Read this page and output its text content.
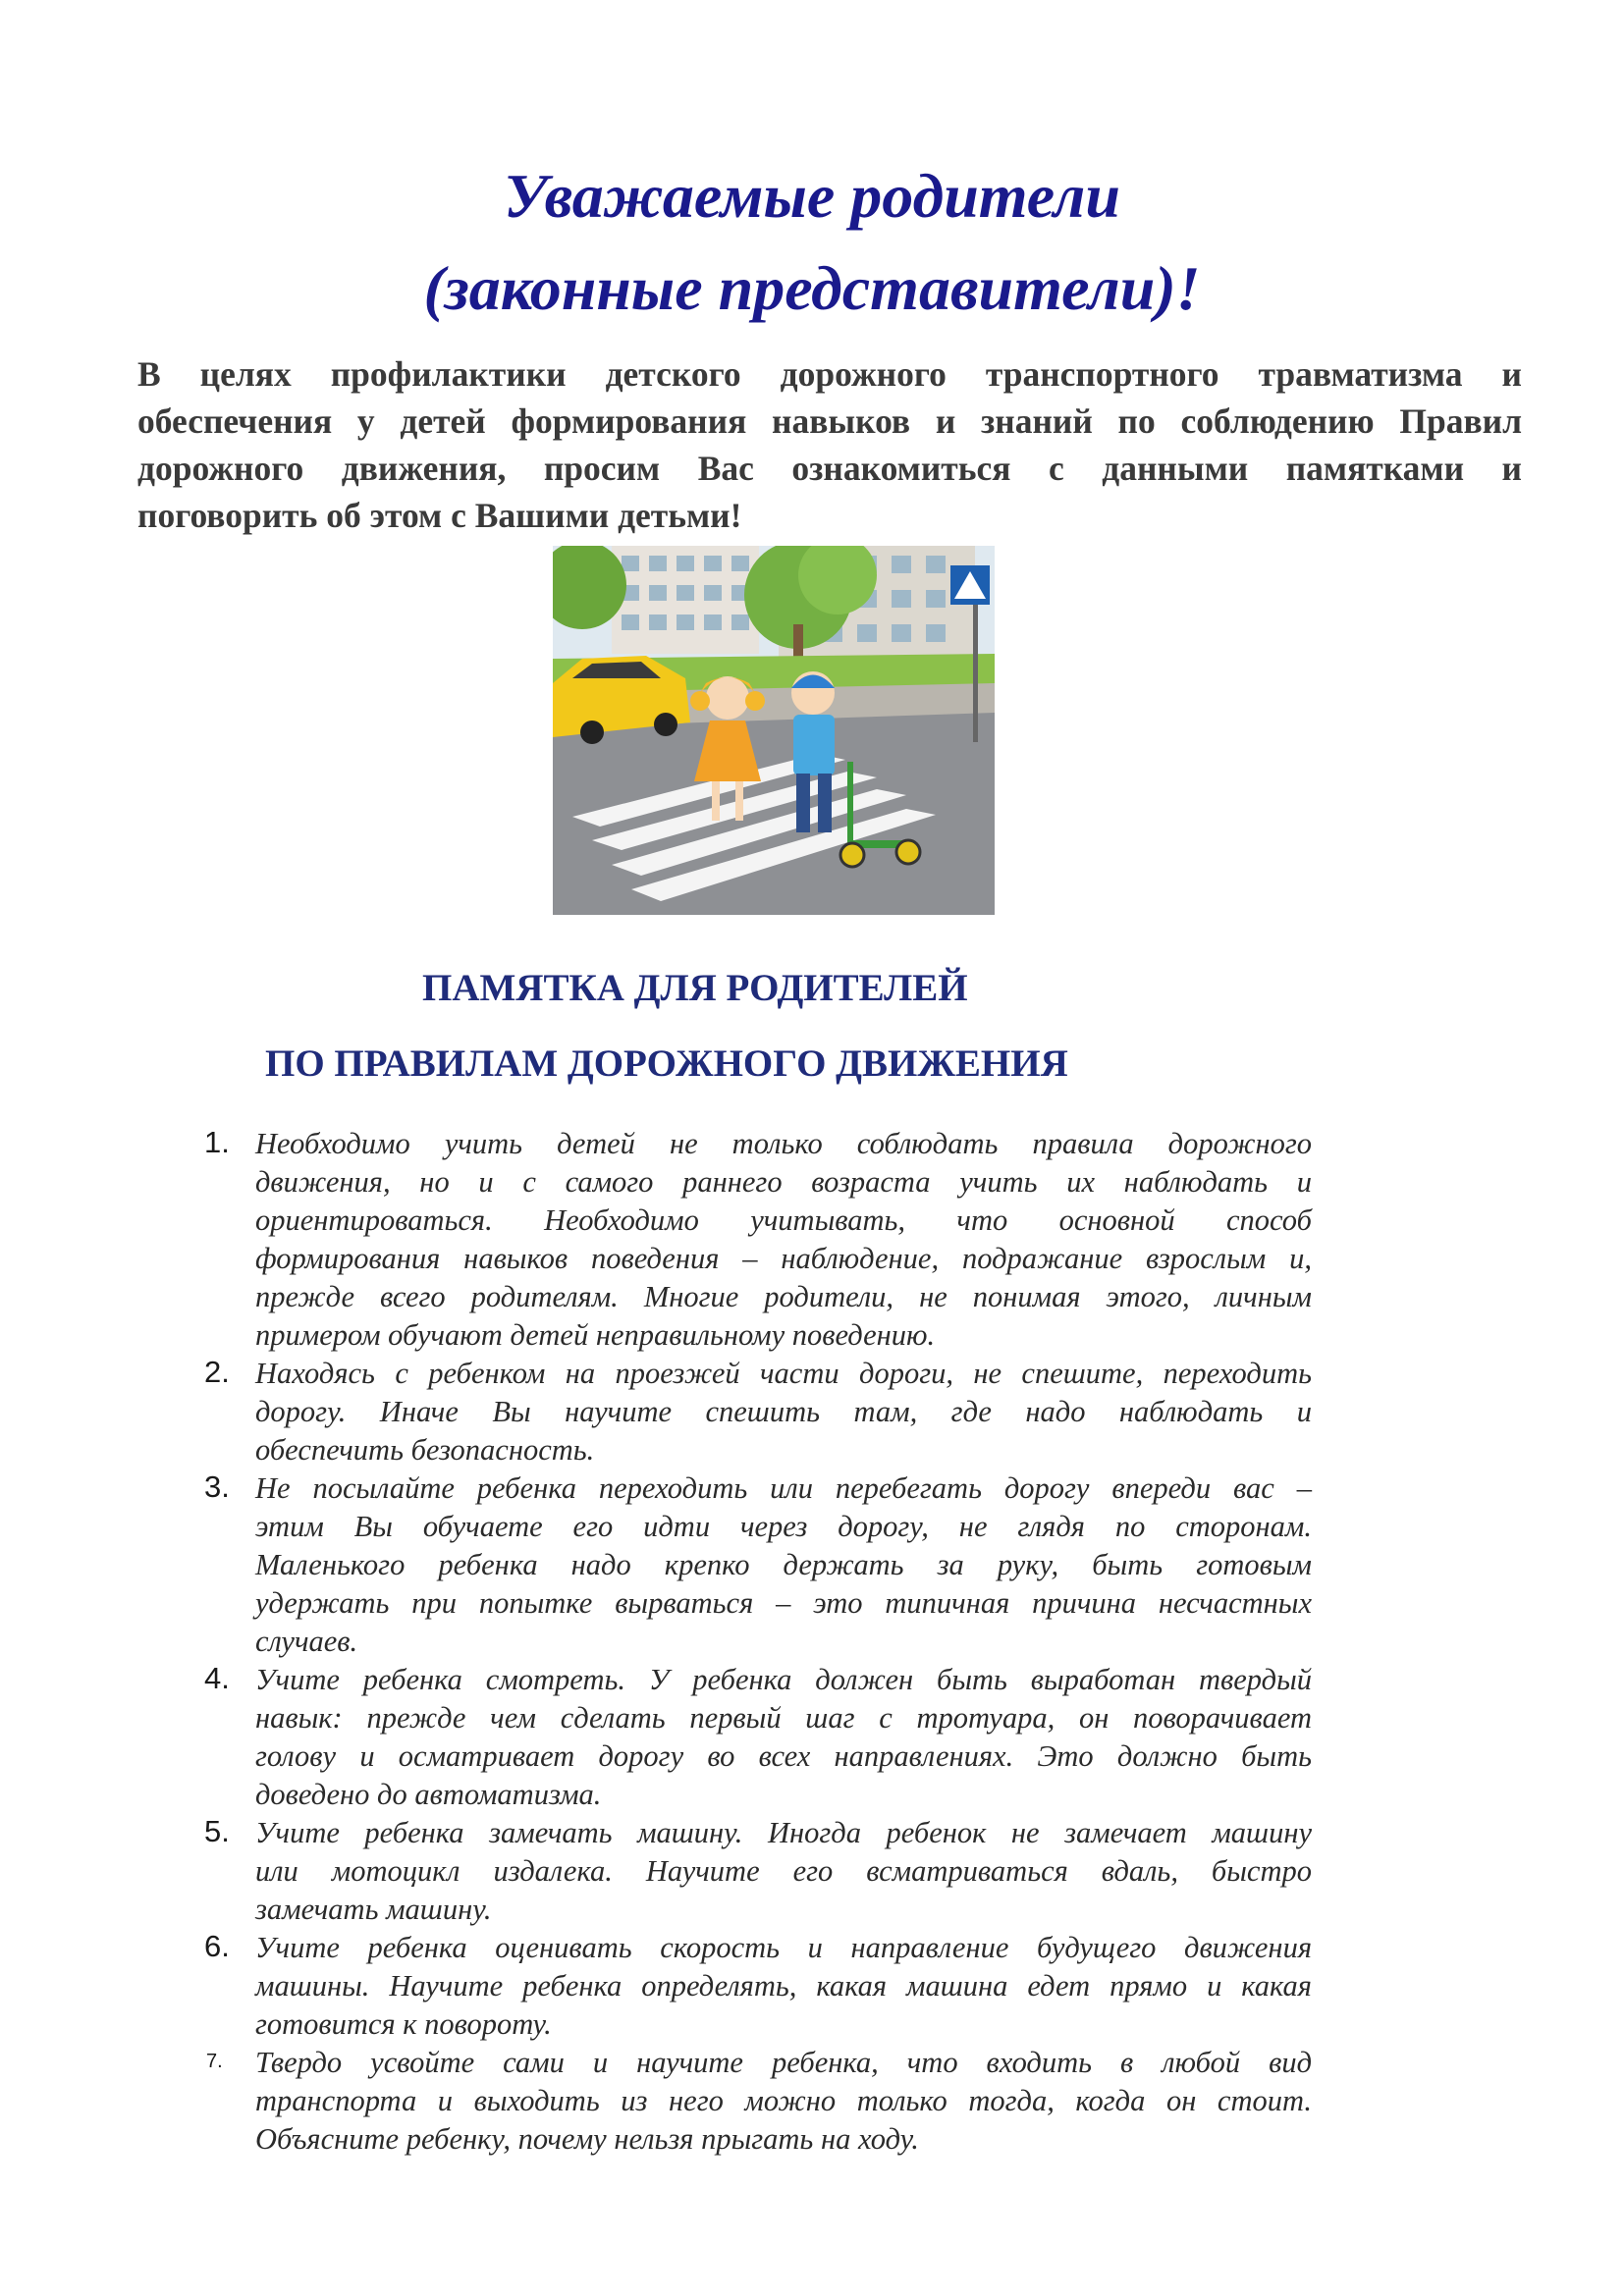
Уважаемые родители
(законные представители)!
В целях профилактики детского дорожного транспортного травматизма и
обеспечения у детей формирования навыков и знаний по соблюдению Правил
дорожного движения, просим Вас ознакомиться с данными памятками и
поговорить об этом с Вашими детьми!
ПАМЯТКА ДЛЯ РОДИТЕЛЕЙ
ПО ПРАВИЛАМ ДОРОЖНОГО ДВИЖЕНИЯ
1. Необходимо учить детей не только соблюдать правила дорожного
движения, но и с самого раннего возраста учить их наблюдать и
ориентироваться. Необходимо учитывать, что основной способ
формирования навыков поведения – наблюдение, подражание взрослым и,
прежде всего родителям. Многие родители, не понимая этого, личным
примером обучают детей неправильному поведению.
2. Находясь с ребенком на проезжей части дороги, не спешите, переходить
дорогу. Иначе Вы научите спешить там, где надо наблюдать и
обеспечить безопасность.
3. Не посылайте ребенка переходить или перебегать дорогу впереди вас –
этим Вы обучаете его идти через дорогу, не глядя по сторонам.
Маленького ребенка надо крепко держать за руку, быть готовым
удержать при попытке вырваться – это типичная причина несчастных
случаев.
4. Учите ребенка смотреть. У ребенка должен быть выработан твердый
навык: прежде чем сделать первый шаг с тротуара, он поворачивает
голову и осматривает дорогу во всех направлениях. Это должно быть
доведено до автоматизма.
5. Учите ребенка замечать машину. Иногда ребенок не замечает машину
или мотоцикл издалека. Научите его всматриваться вдаль, быстро
замечать машину.
6. Учите ребенка оценивать скорость и направление будущего движения
машины. Научите ребенка определять, какая машина едет прямо и какая
готовится к повороту.
7. Твердо усвойте сами и научите ребенка, что входить в любой вид
транспорта и выходить из него можно только тогда, когда он стоит.
Объясните ребенку, почему нельзя прыгать на ходу.
